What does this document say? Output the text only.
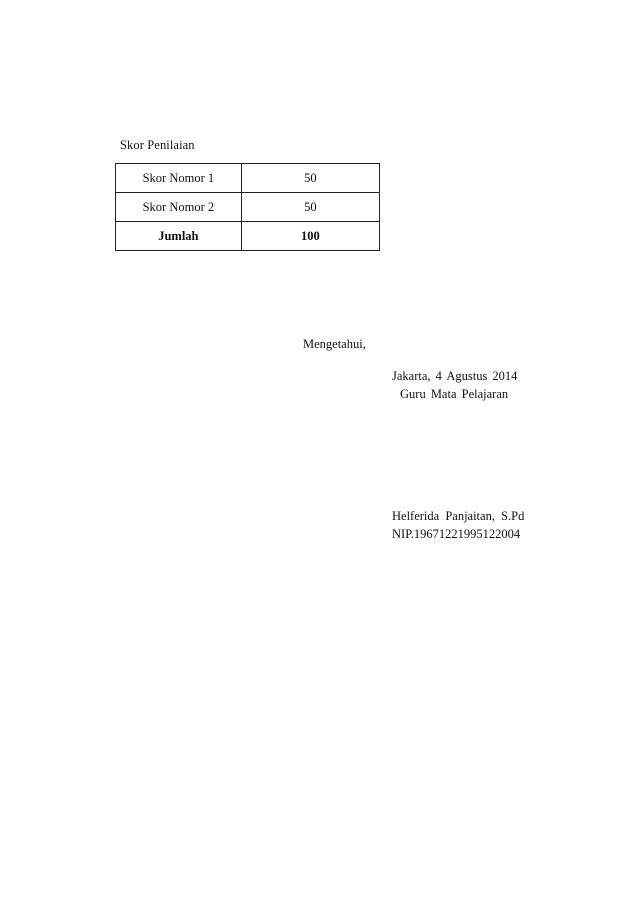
Skor Penilaian
Skor Nomor 1	50
Skor Nomor 2	50
Jumlah	100
Mengetahui,
Jakarta, 4 Agustus 2014
Guru Mata Pelajaran
Helferida Panjaitan, S.Pd
NIP.19671221995122004
